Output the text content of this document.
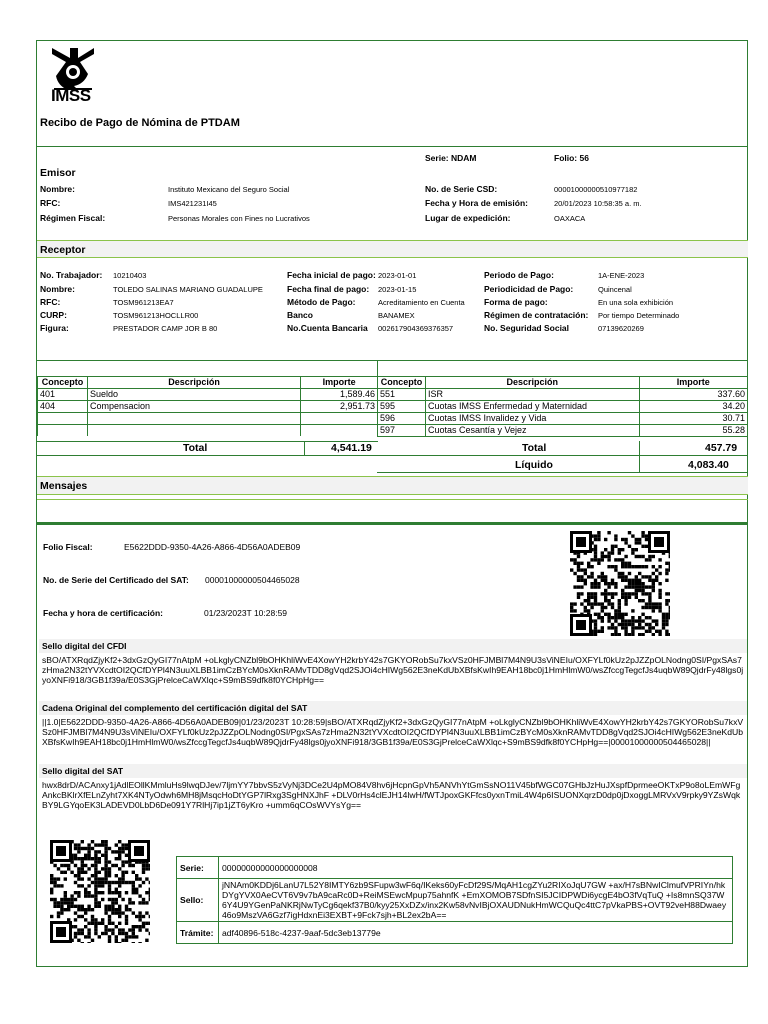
IMSS
Recibo de Pago de Nómina de PTDAM
Serie: NDAM	Folio: 56
Emisor
Nombre:	Instituto Mexicano del Seguro Social
RFC:	IMS421231I45
Régimen Fiscal:	Personas Morales con Fines no Lucrativos
No. de Serie CSD:	00001000000510977182
Fecha y Hora de emisión:	20/01/2023 10:58:35 a. m.
Lugar de expedición:	OAXACA
Receptor
No. Trabajador: 10210403
Nombre:	TOLEDO SALINAS MARIANO GUADALUPE
RFC:	TOSM961213EA7
CURP:	TOSM961213HOCLLR00
Figura:	PRESTADOR CAMP JOR B 80
Fecha inicial de pago: 2023-01-01
Fecha final de pago: 2023-01-15
Método de Pago:	Acreditamiento en Cuenta
Banco	BANAMEX
No.Cuenta Bancaria 002617904369376357
Periodo de Pago:	1A-ENE-2023
Periodicidad de Pago:	Quincenal
Forma de pago:	En una sola exhibición
Régimen de contratación: Por tiempo Determinado
No. Seguridad Social	07139620269
Concepto	Descripción	Importe
401	Sueldo	1,589.46
404	Compensacion	2,951.73

Total	4,541.19
Concepto	Descripción	Importe
551	ISR	337.60
595	Cuotas IMSS Enfermedad y Maternidad	34.20
596	Cuotas IMSS Invalidez y Vida	30.71
597	Cuotas Cesantía y Vejez	55.28
Total	457.79
Líquido	4,083.40
Mensajes
Folio Fiscal:	E5622DDD-9350-4A26-A866-4D56A0ADEB09
No. de Serie del Certificado del SAT: 00001000000504465028
Fecha y hora de certificación:	01/23/2023T 10:28:59
Sello digital del CFDI
sBO/ATXRqdZjyKf2+3dxGzQyGI77nAtpM +oLkglyCNZbl9bOHKhliWvE4XowYH2krbY42s7GKYORobSu7kxVSz0HFJMBl7M4N9U3sViNEIu/OXFYLf0kUz2pJZZpOLNodng0SI/PgxSAs7zHma2N32tYVXcdtOI2QCfDYPl4N3uuXLBB1imCzBYcM0sXknRAMvTDD8gVqd2SJOi4cHIWg562E3neKdUbXBfsKwIh9EAH18bc0j1HmHlmW0/wsZfccgTegcfJs4uqbW89QjdrFy48lgs0jyoXNFi918/3GB1f39a/E0S3GjPrelceCaWXlqc+S9mBS9dfk8f0YCHpHg==
Cadena Original del complemento del certificación digital del SAT
||1.0|E5622DDD-9350-4A26-A866-4D56A0ADEB09|01/23/2023T 10:28:59|sBO/ATXRqdZjyKf2+3dxGzQyGI77nAtpM +oLkglyCNZbl9bOHKhliWvE4XowYH2krbY42s7GKYORobSu7kxVSz0HFJMBl7M4N9U3sViNEIu/OXFYLf0kUz2pJZZpOLNodng0SI/PgxSAs7zHma2N32tYVXcdtOI2QCfDYPl4N3uuXLBB1imCzBYcM0sXknRAMvTDD8gVqd2SJOi4cHIWg562E3neKdUbXBfsKwIh9EAH18bc0j1HmHlmW0/wsZfccgTegcfJs4uqbW89QjdrFy48lgs0jyoXNFi918/3GB1f39a/E0S3GjPrelceCaWXlqc+S9mBS9dfk8f0YCHpHg==|00001000000504465028||
Sello digital del SAT
hwx8drD/ACAnxy1jAdlEOllKMmluHs9lwqDJev/7ljmYY7bbvS5zVyNj3DCe2U4pMO84V8hv6jHcpnGpVh5ANVhYtGmSsNO11V45bfWGC07GHbJzHuJXspfDprmeeOKTxP9o8oLEmWFgAnkcBKlrXfELnZyht7XK4NTyOdwh6MH8jMsqcHoDtYGP7lRxg3SgHNXJhF +DLV0rHs4clEJH14lwH/fWTJpoxGKFfcs0yxnTmiL4W4p6ISUONXqrzD0dp0jDxoggLMRVxV9rpky9YZsWqkBY9LGYqoEK3LADEVD0LbD6De091Y7RlHj7ip1jZT6yKro +umm6qCOsWVYsYg==
Serie:	00000000000000000008
Sello:	jNNAm0KDDj6LanU7L52Y8IMTY6zb9SFupw3wF6q/IKeks60yFcDf29S/MqAH1cgZYu2RIXoJqU7GW +ax/H7sBNwIClmufVPRIYn/hkDYgYVX0AeCVT6V9v7bA9caRc0D+ReiMSEwcMpup75ahnfK +EmXOMOB7SDfnSI5JCIDPWDi6ycgE4bO3fVqTuQ +Is8mnSQ37W6Y4U9YGenPaNKRjNwTyCg6qekf37B0/kyy25XxDZx/inx2Kw58vNvIBjOXAUDNukHmWCQuQc4ttC7pVkaPBS+OVT92veH88Dwaey46o9MszVA6Gzf7igHdxnEi3EXBT+9Fck7sjh+BL2ex2bA==
Trámite:	adf40896-518c-4237-9aaf-5dc3eb13779e
